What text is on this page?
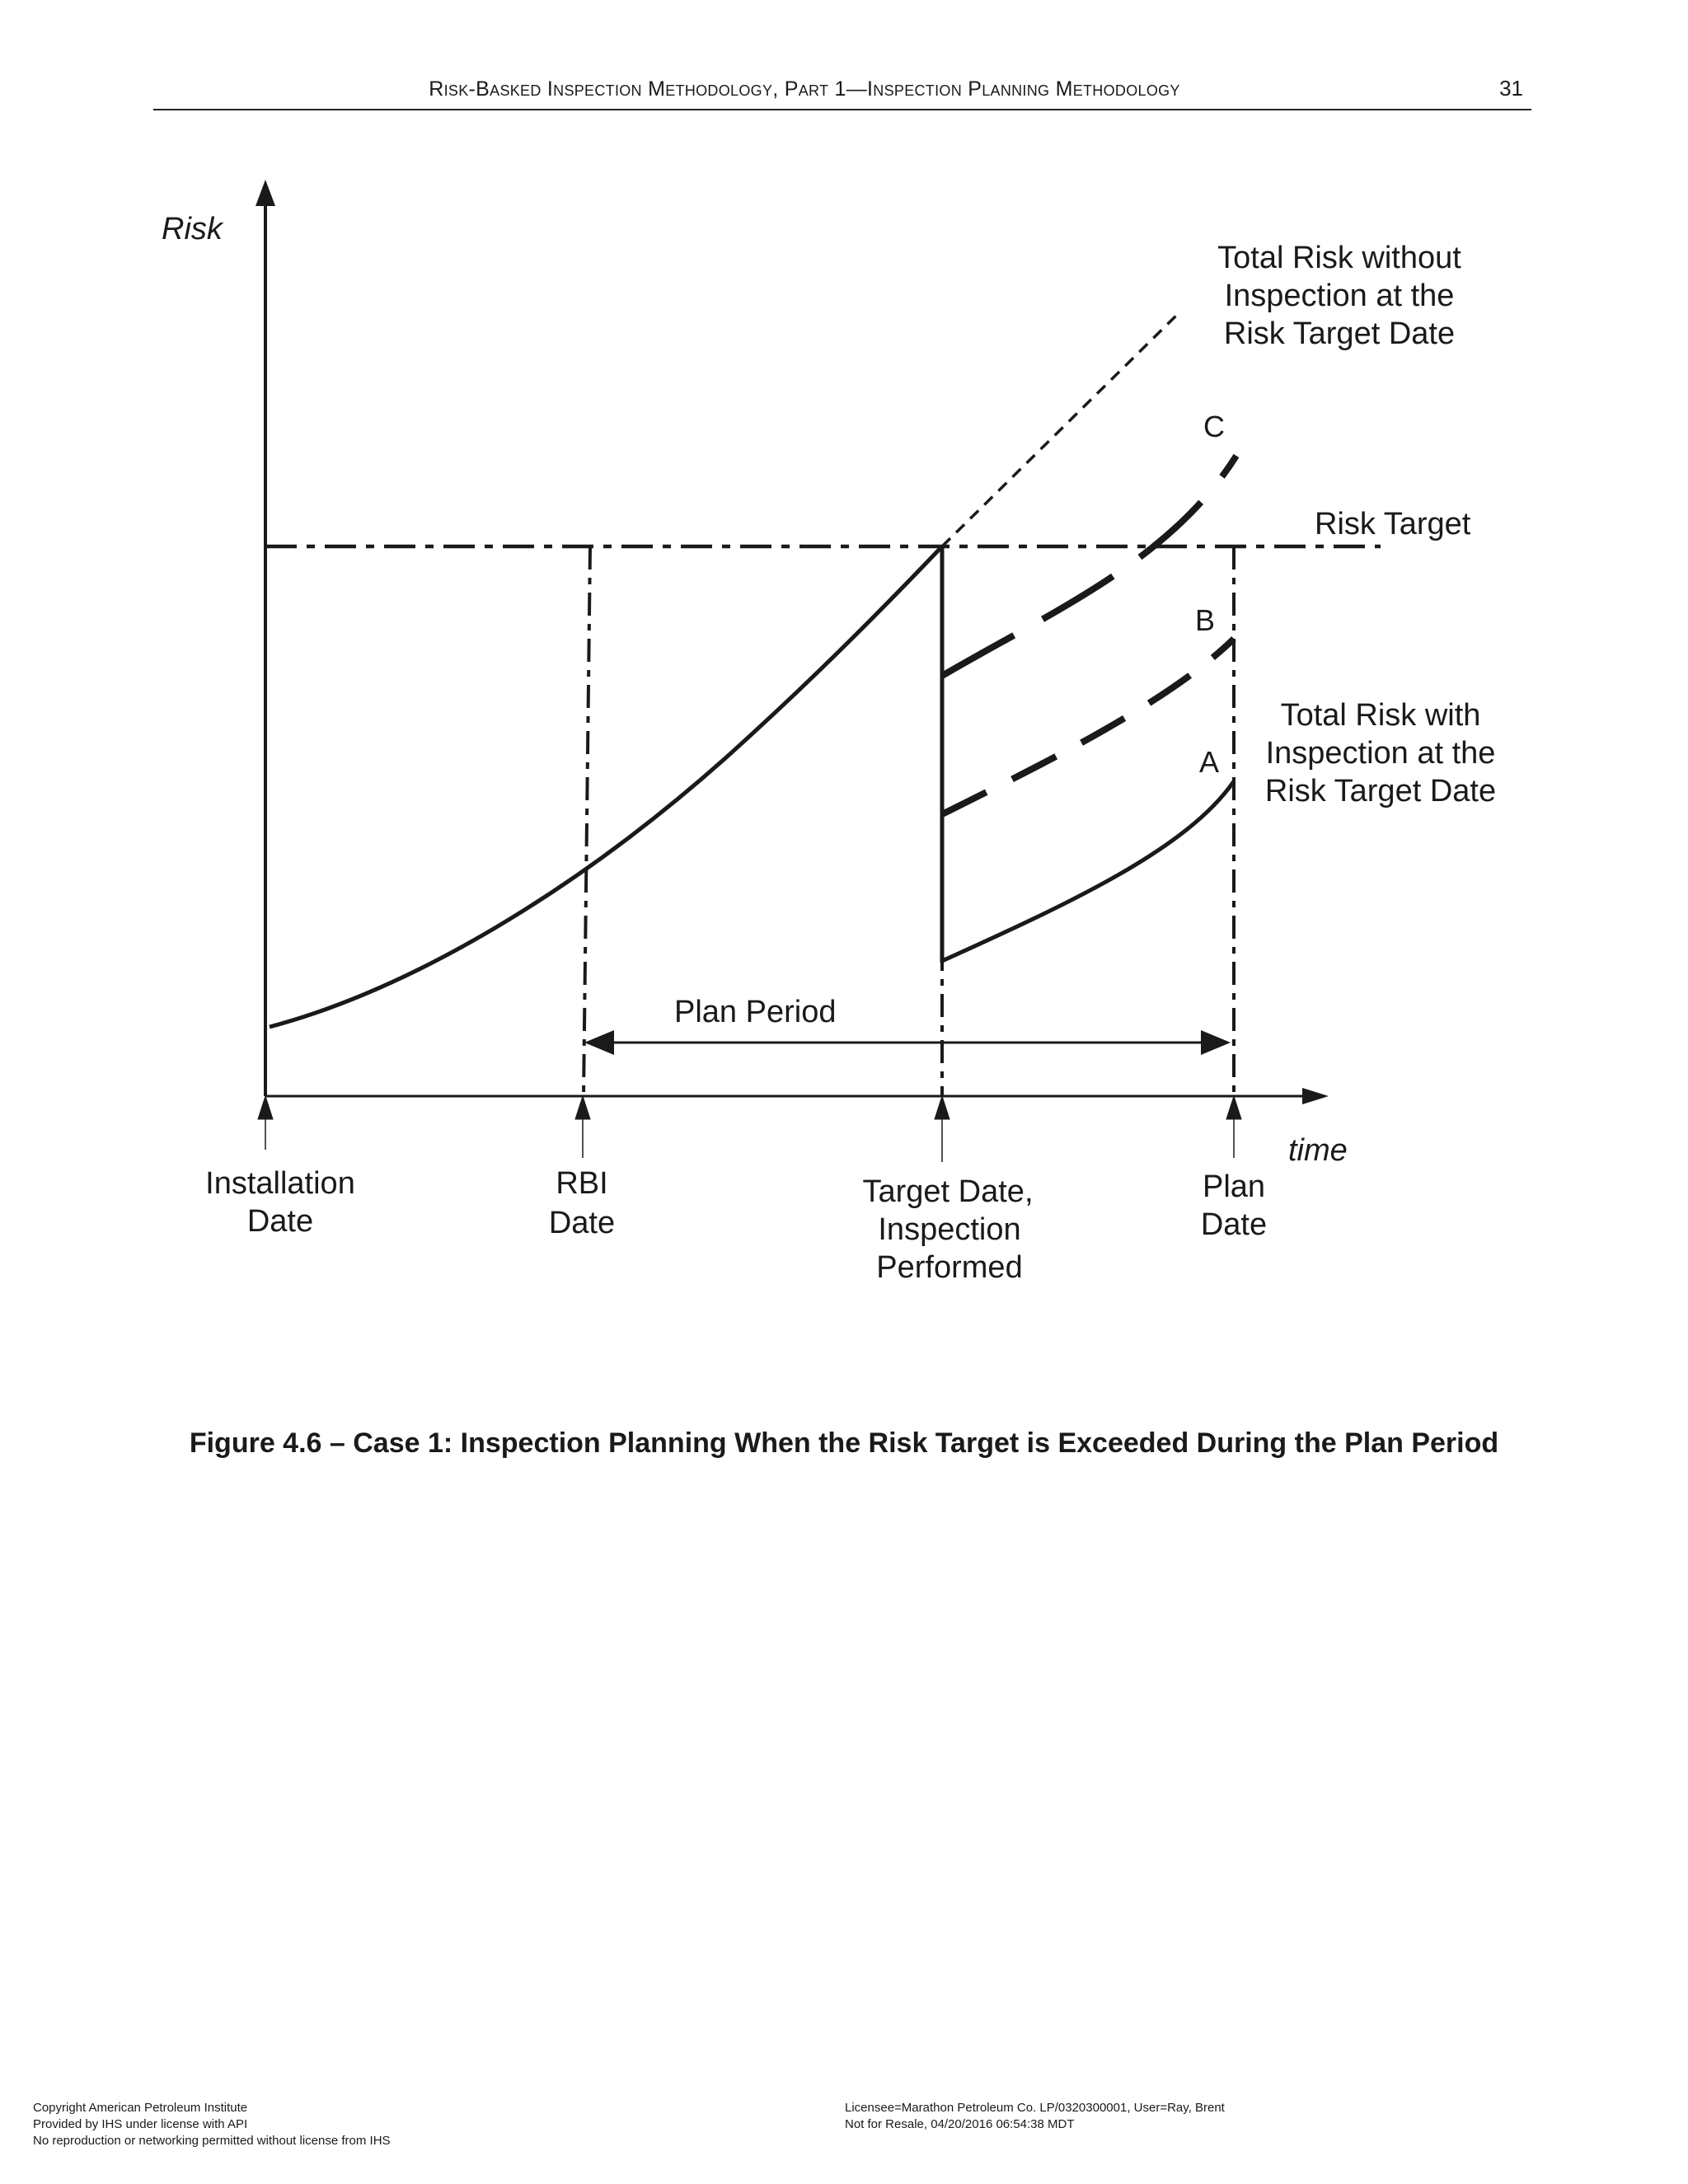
Risk-Basked Inspection Methodology, Part 1—Inspection Planning Methodology	31
Risk
time
Total Risk without
Inspection at the
Risk Target Date
Total Risk with
Inspection at the
Risk Target Date
Installation
Date
RBI
Date
Target Date,
Inspection
Performed
Plan
Date
Risk Target
Plan Period
C
B
A
Figure 4.6 – Case 1: Inspection Planning When the Risk Target is Exceeded During the Plan Period
Copyright American Petroleum Institute
Provided by IHS under license with API
No reproduction or networking permitted without license from IHS
Licensee=Marathon Petroleum Co. LP/0320300001, User=Ray, Brent
Not for Resale, 04/20/2016 06:54:38 MDT
